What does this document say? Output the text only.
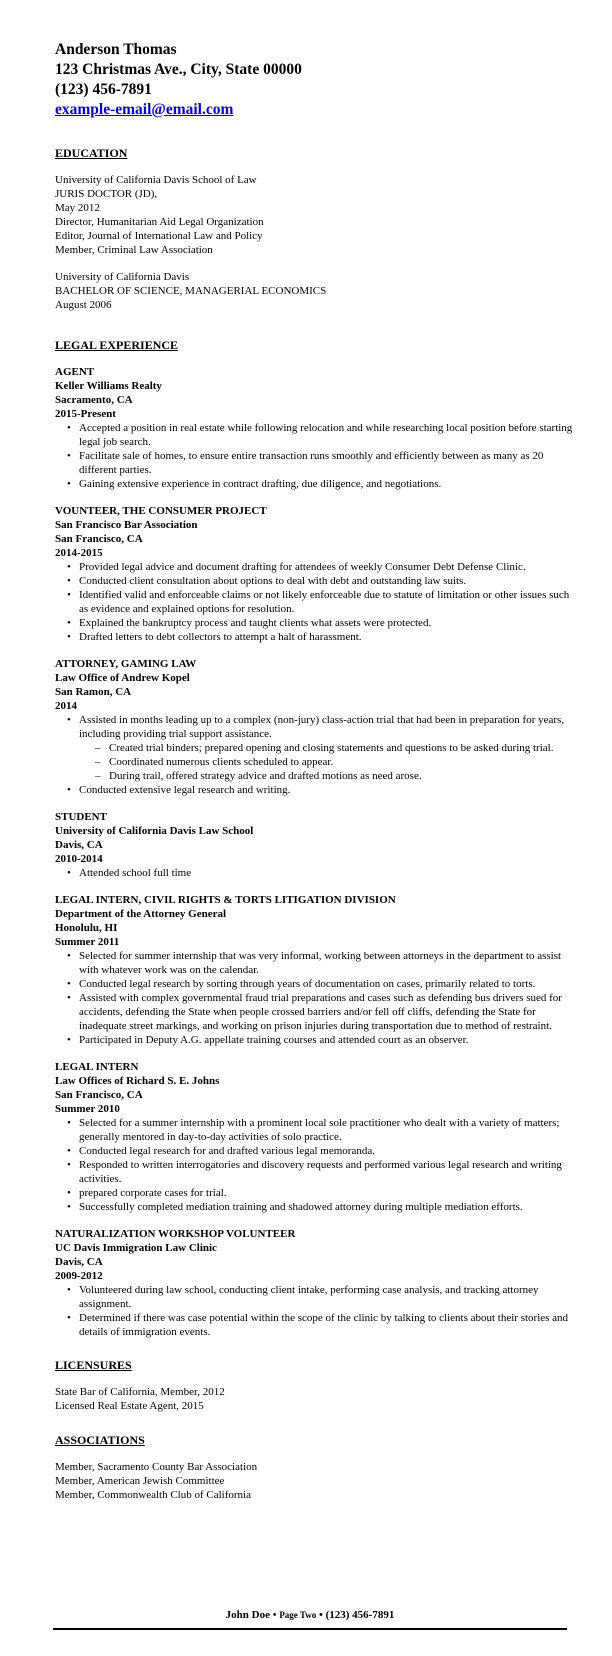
Anderson Thomas
123 Christmas Ave., City, State 00000
(123) 456-7891
example-email@email.com
EDUCATION
University of California Davis School of Law
JURIS DOCTOR (JD),
May 2012
Director, Humanitarian Aid Legal Organization
Editor, Journal of International Law and Policy
Member, Criminal Law Association
University of California Davis
BACHELOR OF SCIENCE, MANAGERIAL ECONOMICS
August 2006
LEGAL EXPERIENCE
AGENT
Keller Williams Realty
Sacramento, CA
2015-Present
• Accepted a position in real estate while following relocation and while researching local position before starting legal job search.
• Facilitate sale of homes, to ensure entire transaction runs smoothly and efficiently between as many as 20 different parties.
• Gaining extensive experience in contract drafting, due diligence, and negotiations.
VOUNTEER, THE CONSUMER PROJECT
San Francisco Bar Association
San Francisco, CA
2014-2015
• Provided legal advice and document drafting for attendees of weekly Consumer Debt Defense Clinic.
• Conducted client consultation about options to deal with debt and outstanding law suits.
• Identified valid and enforceable claims or not likely enforceable due to statute of limitation or other issues such as evidence and explained options for resolution.
• Explained the bankruptcy process and taught clients what assets were protected.
• Drafted letters to debt collectors to attempt a halt of harassment.
ATTORNEY, GAMING LAW
Law Office of Andrew Kopel
San Ramon, CA
2014
• Assisted in months leading up to a complex (non-jury) class-action trial that had been in preparation for years, including providing trial support assistance.
– Created trial binders; prepared opening and closing statements and questions to be asked during trial.
– Coordinated numerous clients scheduled to appear.
– During trail, offered strategy advice and drafted motions as need arose.
• Conducted extensive legal research and writing.
STUDENT
University of California Davis Law School
Davis, CA
2010-2014
• Attended school full time
LEGAL INTERN, CIVIL RIGHTS & TORTS LITIGATION DIVISION
Department of the Attorney General
Honolulu, HI
Summer 2011
• Selected for summer internship that was very informal, working between attorneys in the department to assist with whatever work was on the calendar.
• Conducted legal research by sorting through years of documentation on cases, primarily related to torts.
• Assisted with complex governmental fraud trial preparations and cases such as defending bus drivers sued for accidents, defending the State when people crossed barriers and/or fell off cliffs, defending the State for inadequate street markings, and working on prison injuries during transportation due to method of restraint.
• Participated in Deputy A.G. appellate training courses and attended court as an observer.
LEGAL INTERN
Law Offices of Richard S. E. Johns
San Francisco, CA
Summer 2010
• Selected for a summer internship with a prominent local sole practitioner who dealt with a variety of matters; generally mentored in day-to-day activities of solo practice.
• Conducted legal research for and drafted various legal memoranda.
• Responded to written interrogatories and discovery requests and performed various legal research and writing activities.
• prepared corporate cases for trial.
• Successfully completed mediation training and shadowed attorney during multiple mediation efforts.
NATURALIZATION WORKSHOP VOLUNTEER
UC Davis Immigration Law Clinic
Davis, CA
2009-2012
• Volunteered during law school, conducting client intake, performing case analysis, and tracking attorney assignment.
• Determined if there was case potential within the scope of the clinic by talking to clients about their stories and details of immigration events.
LICENSURES
State Bar of California, Member, 2012
Licensed Real Estate Agent, 2015
ASSOCIATIONS
Member, Sacramento County Bar Association
Member, American Jewish Committee
Member, Commonwealth Club of California
John Doe • Page Two • (123) 456-7891
